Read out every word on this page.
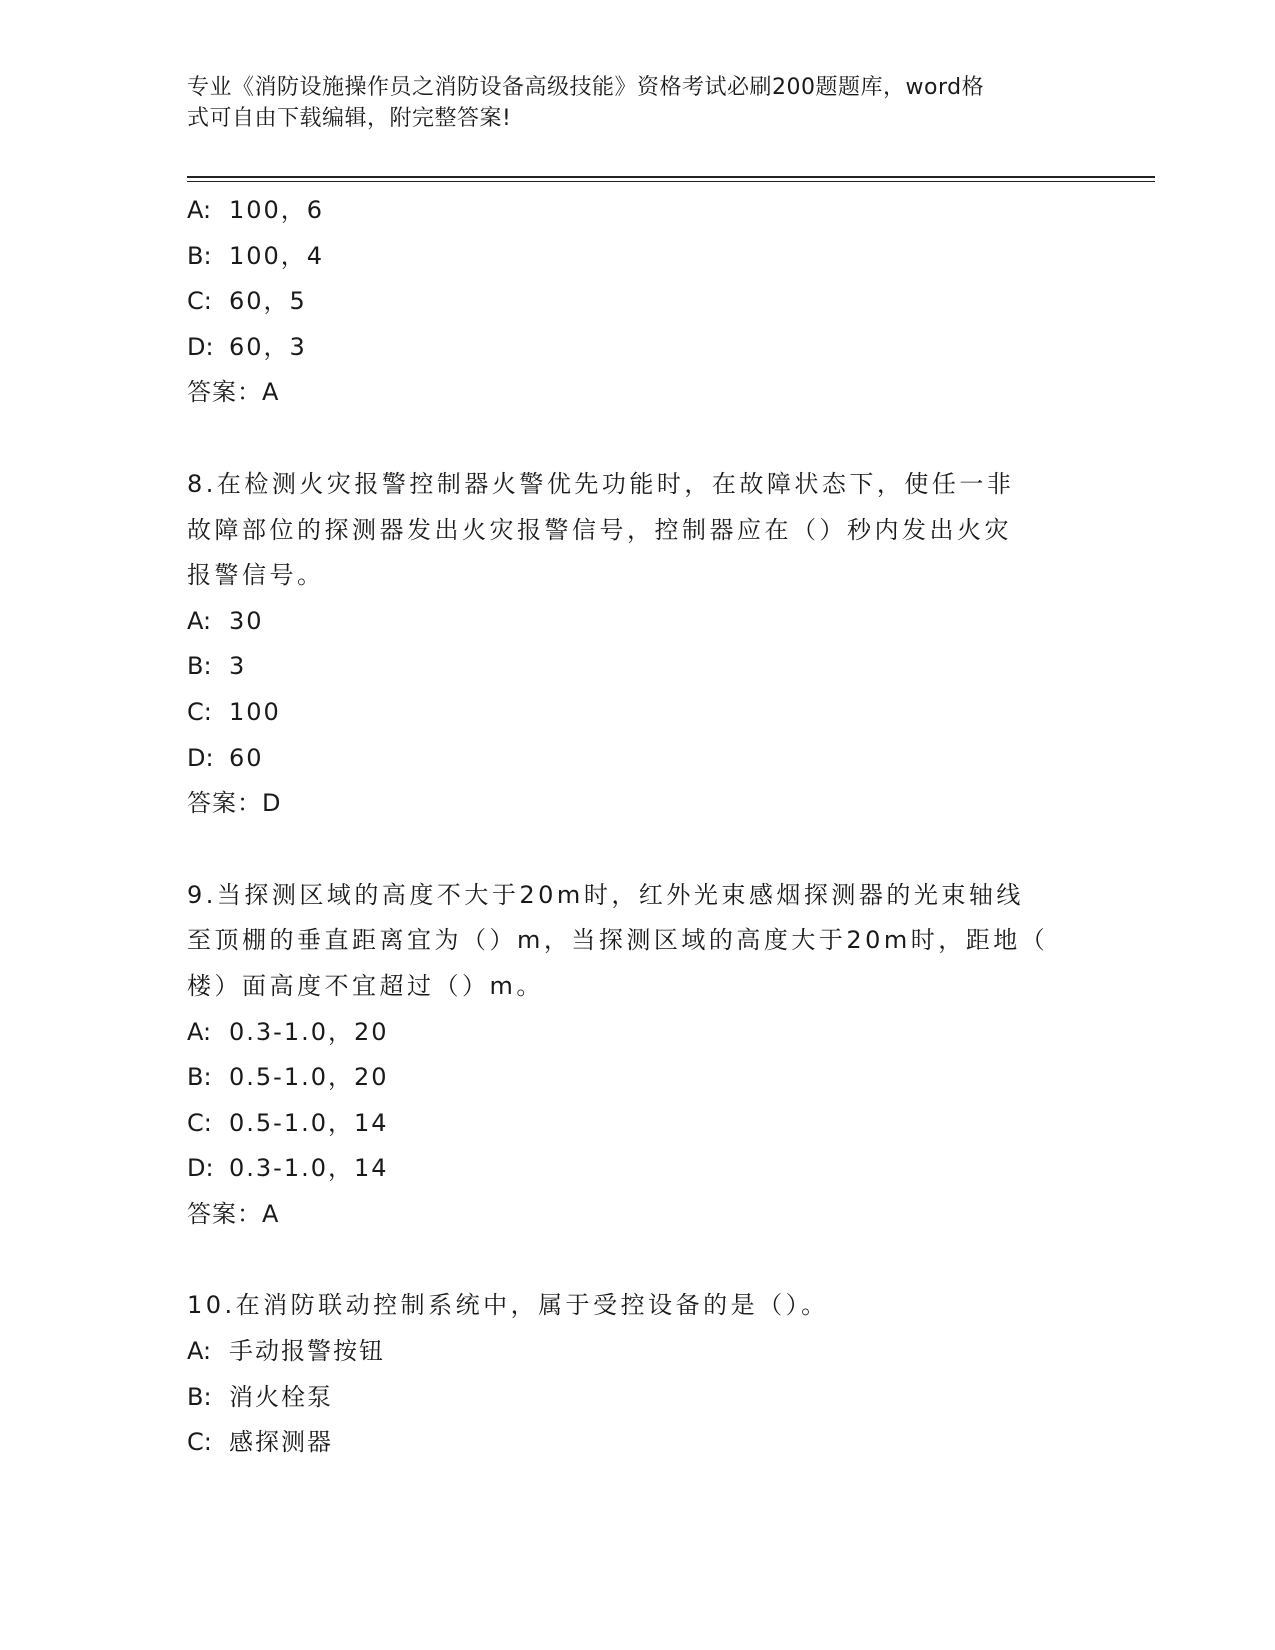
专业《消防设施操作员之消防设备高级技能》资格考试必刷200题题库，word格
式可自由下载编辑，附完整答案!
A: 100，6
B: 100，4
C: 60，5
D: 60，3
答案：A
8.在检测火灾报警控制器火警优先功能时，在故障状态下，使任一非
故障部位的探测器发出火灾报警信号，控制器应在（）秒内发出火灾
报警信号。
A: 30
B: 3
C: 100
D: 60
答案：D
9.当探测区域的高度不大于20m时，红外光束感烟探测器的光束轴线
至顶棚的垂直距离宜为（）m，当探测区域的高度大于20m时，距地（
楼）面高度不宜超过（）m。
A: 0.3-1.0，20
B: 0.5-1.0，20
C: 0.5-1.0，14
D: 0.3-1.0，14
答案：A
10.在消防联动控制系统中，属于受控设备的是（）。
A: 手动报警按钮
B: 消火栓泵
C: 感探测器
